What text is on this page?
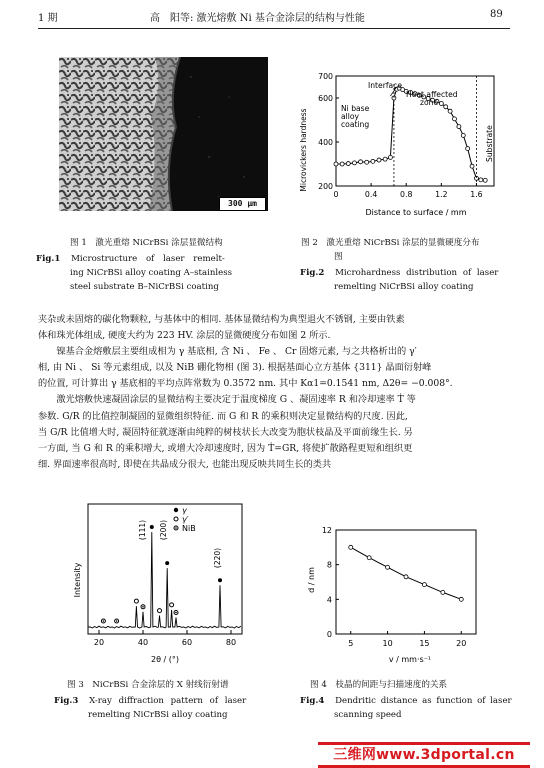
1 期	高　阳等: 激光熔敷 Ni 基合金涂层的结构与性能	89
300 μm
图 1　激光重熔 NiCrBSi 涂层显微结构
Fig.1 Microstructure of laser remelt-
ing NiCrBSi alloy coating A–stainless
steel substrate B–NiCrBSi coating
Microvickers hardness 200
400
600
700
0	0.4	0.8	1.2	1.6
Interface
Heat affected
zone
Ni base
alloy
coating
Substrate
Distance to surface / mm
图 2　激光重熔 NiCrBSi 涂层的显微硬度分布
图
Fig.2 Microhardness distribution of laser
remelting NiCrBSi alloy coating
夹杂或未固熔的碳化物颗粒, 与基体中的相同. 基体显微结构为典型退火不锈钢, 主要由铁素
体和珠光体组成, 硬度大约为 223 HV. 涂层的显微硬度分布如图 2 所示.
　　镍基合金熔敷层主要组成相为 γ 基底相, 含 Ni 、 Fe 、 Cr 固熔元素, 与之共格析出的 γ′
相, 由 Ni 、 Si 等元素组成, 以及 NiB 硼化物相 (图 3). 根据基面心立方基体 {311} 晶面衍射峰
的位置, 可计算出 γ 基底相的平均点阵常数为 0.3572 nm. 其中 Kα1=0.1541 nm, Δ2θ= −0.008°.
　　激光熔敷快速凝固涂层的显微结构主要决定于温度梯度 G 、凝固速率 R 和冷却速率 Ṫ 等
参数. G/R 的比值控制凝固的显微组织特征. 而 G 和 R 的乘积则决定显微结构的尺度. 因此,
当 G/R 比值增大时, 凝固特征就逐渐由纯粹的树枝状长大改变为胞状枝晶及平面前缘生长. 另
一方面, 当 G 和 R 的乘积增大, 或增大冷却速度时, 因为 Ṫ=GR, 将使扩散路程更短和组织更
细. 界面速率很高时, 即使在共晶成分很大, 也能出现反映共同生长的类共
Intensity
20	40	60	80
γ
γ′
NiB
(111) (200)
(220)
2θ / (°)
图 3　NiCrBSi 合金涂层的 X 射线衍射谱
Fig.3 X-ray diffraction pattern of laser
remelting NiCrBSi alloy coating
d / nm
0
4
8
12
5	10	15	20
v / mm·s⁻¹
图 4　枝晶的间距与扫描速度的关系
Fig.4 Dendritic distance as function of laser
scanning speed
三维网www.3dportal.cn
